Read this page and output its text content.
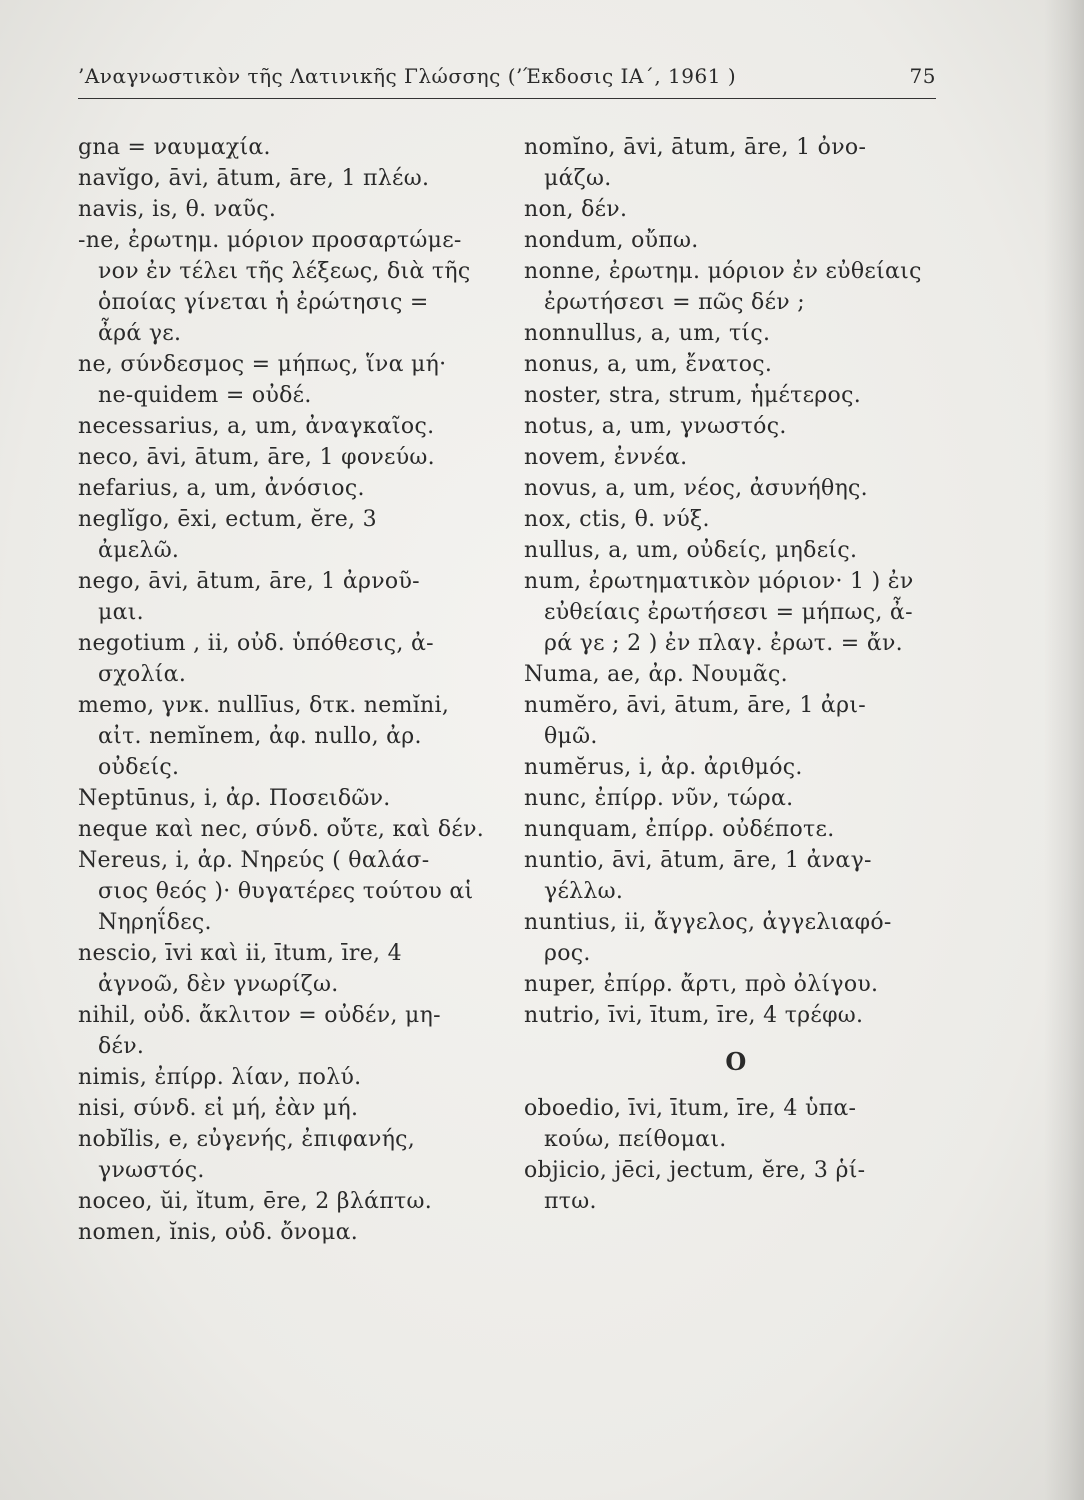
’Αναγνωστικὸν τῆς Λατινικῆς Γλώσσης (’Έκδοσις ΙΑ΄, 1961 )	75
gna = ναυμαχία.
navĭgo, āvi, ātum, āre, 1 πλέω.
navis, is, θ. ναῦς.
-ne, ἐρωτημ. μόριον προσαρτώμε-
νον ἐν τέλει τῆς λέξεως, διὰ τῆς
ὁποίας γίνεται ἡ ἐρώτησις =
ἆρά γε.
ne, σύνδεσμος = μήπως, ἵνα μή·
ne-quidem = οὐδέ.
necessarius, a, um, ἀναγκαῖος.
neco, āvi, ātum, āre, 1 φονεύω.
nefarius, a, um, ἀνόσιος.
neglĭgo, ēxi, ectum, ĕre, 3
ἀμελῶ.
nego, āvi, ātum, āre, 1 ἀρνοῦ-
μαι.
negotium , ii, οὐδ. ὑπόθεσις, ἀ-
σχολία.
memo, γνκ. nullīus, δτκ. nemĭni,
αἰτ. nemĭnem, ἀφ. nullo, ἀρ.
οὐδείς.
Neptūnus, i, ἀρ. Ποσειδῶν.
neque καὶ nec, σύνδ. οὔτε, καὶ δέν.
Nereus, i, ἀρ. Νηρεύς ( θαλάσ-
σιος θεός )· θυγατέρες τούτου αἱ
Νηρηΐδες.
nescio, īvi καὶ ii, ītum, īre, 4
ἀγνοῶ, δὲν γνωρίζω.
nihil, οὐδ. ἄκλιτον = οὐδέν, μη-
δέν.
nimis, ἐπίρρ. λίαν, πολύ.
nisi, σύνδ. εἰ μή, ἐὰν μή.
nobĭlis, e, εὐγενής, ἐπιφανής,
γνωστός.
noceo, ŭi, ĭtum, ēre, 2 βλάπτω.
nomen, ĭnis, οὐδ. ὄνομα.
nomĭno, āvi, ātum, āre, 1 ὀνο-
μάζω.
non, δέν.
nondum, οὔπω.
nonne, ἐρωτημ. μόριον ἐν εὐθείαις
ἐρωτήσεσι = πῶς δέν ;
nonnullus, a, um, τίς.
nonus, a, um, ἔνατος.
noster, stra, strum, ἡμέτερος.
notus, a, um, γνωστός.
novem, ἐννέα.
novus, a, um, νέος, ἀσυνήθης.
nox, ctis, θ. νύξ.
nullus, a, um, οὐδείς, μηδείς.
num, ἐρωτηματικὸν μόριον· 1 ) ἐν
εὐθείαις ἐρωτήσεσι = μήπως, ἆ-
ρά γε ; 2 ) ἐν πλαγ. ἐρωτ. = ἄν.
Numa, ae, ἀρ. Νουμᾶς.
numĕro, āvi, ātum, āre, 1 ἀρι-
θμῶ.
numĕrus, i, ἀρ. ἀριθμός.
nunc, ἐπίρρ. νῦν, τώρα.
nunquam, ἐπίρρ. οὐδέποτε.
nuntio, āvi, ātum, āre, 1 ἀναγ-
γέλλω.
nuntius, ii, ἄγγελος, ἀγγελιαφό-
ρος.
nuper, ἐπίρρ. ἄρτι, πρὸ ὀλίγου.
nutrio, īvi, ītum, īre, 4 τρέφω.
O
oboedio, īvi, ītum, īre, 4 ὑπα-
κούω, πείθομαι.
objicio, jēci, jectum, ĕre, 3 ῥί-
πτω.
